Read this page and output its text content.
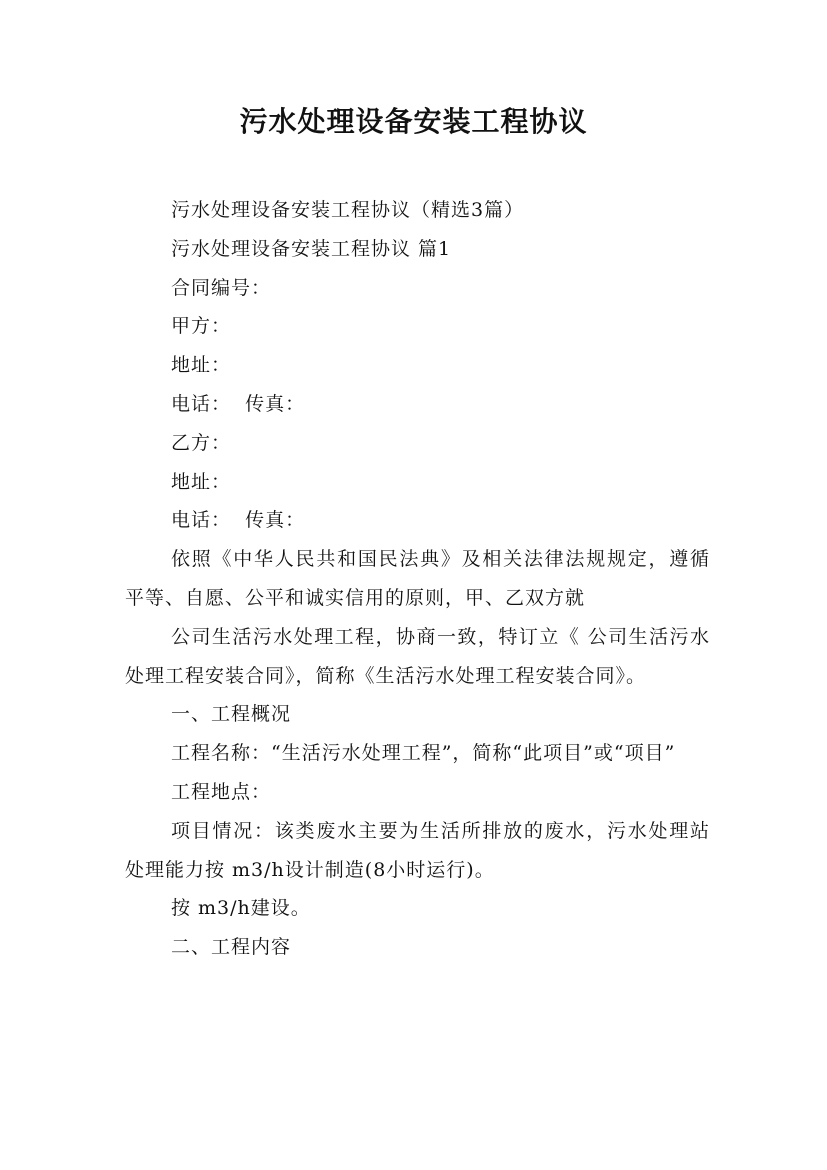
污水处理设备安装工程协议

污水处理设备安装工程协议（精选3篇）

污水处理设备安装工程协议 篇1

合同编号：

甲方：

地址：

电话：  传真：

乙方：

地址：

电话：  传真：

依照《中华人民共和国民法典》及相关法律法规规定，遵循平等、自愿、公平和诚实信用的原则，甲、乙双方就

公司生活污水处理工程，协商一致，特订立《 公司生活污水处理工程安装合同》，简称《生活污水处理工程安装合同》。

一、工程概况

工程名称：“生活污水处理工程”，简称“此项目”或“项目”

工程地点：

项目情况：该类废水主要为生活所排放的废水，污水处理站处理能力按 m3/h设计制造(8小时运行)。

按 m3/h建设。

二、工程内容
